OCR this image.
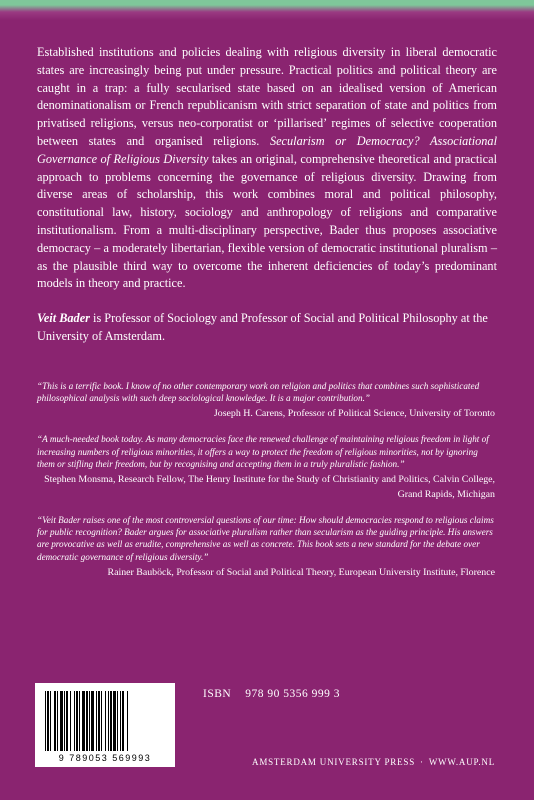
Established institutions and policies dealing with religious diversity in liberal democratic states are increasingly being put under pressure. Practical politics and political theory are caught in a trap: a fully secularised state based on an idealised version of American denominationalism or French republicanism with strict separation of state and politics from privatised religions, versus neo-corporatist or ‘pillarised’ regimes of selective cooperation between states and organised religions. Secularism or Democracy? Associational Governance of Religious Diversity takes an original, comprehensive theoretical and practical approach to problems concerning the governance of religious diversity. Drawing from diverse areas of scholarship, this work combines moral and political philosophy, constitutional law, history, sociology and anthropology of religions and comparative institutionalism. From a multi-disciplinary perspective, Bader thus proposes associative democracy – a moderately libertarian, flexible version of democratic institutional pluralism – as the plausible third way to overcome the inherent deficiencies of today’s predominant models in theory and practice.

Veit Bader is Professor of Sociology and Professor of Social and Political Philosophy at the University of Amsterdam.

“This is a terrific book. I know of no other contemporary work on religion and politics that combines such sophisticated philosophical analysis with such deep sociological knowledge. It is a major contribution.”

Joseph H. Carens, Professor of Political Science, University of Toronto

“A much-needed book today. As many democracies face the renewed challenge of maintaining religious freedom in light of increasing numbers of religious minorities, it offers a way to protect the freedom of religious minorities, not by ignoring them or stifling their freedom, but by recognising and accepting them in a truly pluralistic fashion.”

Stephen Monsma, Research Fellow, The Henry Institute for the Study of Christianity and Politics, Calvin College, Grand Rapids, Michigan

“Veit Bader raises one of the most controversial questions of our time: How should democracies respond to religious claims for public recognition? Bader argues for associative pluralism rather than secularism as the guiding principle. His answers are provocative as well as erudite, comprehensive as well as concrete. This book sets a new standard for the debate over democratic governance of religious diversity.”

Rainer Bauböck, Professor of Social and Political Theory, European University Institute, Florence

9 789053 569993
ISBN 978 90 5356 999 3
AMSTERDAM UNIVERSITY PRESS · WWW.AUP.NL
